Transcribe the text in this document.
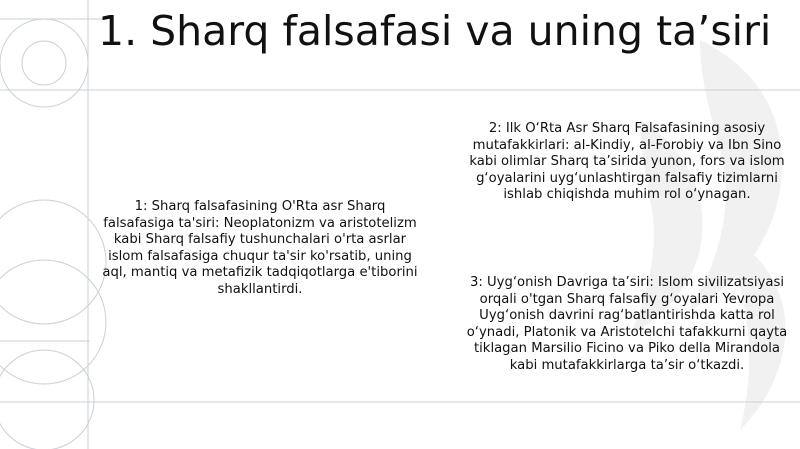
1. Sharq falsafasi va uning ta’siri
1: Sharq falsafasining O'Rta asr Sharq falsafasiga ta'siri: Neoplatonizm va aristotelizm kabi Sharq falsafiy tushunchalari o'rta asrlar islom falsafasiga chuqur ta'sir ko'rsatib, uning aql, mantiq va metafizik tadqiqotlarga e'tiborini shakllantirdi.
2: Ilk O‘Rta Asr Sharq Falsafasining asosiy mutafakkirlari: al-Kindiy, al-Forobiy va Ibn Sino kabi olimlar Sharq ta’sirida yunon, fors va islom g‘oyalarini uyg‘unlashtirgan falsafiy tizimlarni ishlab chiqishda muhim rol o‘ynagan.
3: Uyg‘onish Davriga ta’siri: Islom sivilizatsiyasi orqali o'tgan Sharq falsafiy g‘oyalari Yevropa Uyg‘onish davrini rag‘batlantirishda katta rol o‘ynadi, Platonik va Aristotelchi tafakkurni qayta tiklagan Marsilio Ficino va Piko della Mirandola kabi mutafakkirlarga ta’sir o‘tkazdi.
